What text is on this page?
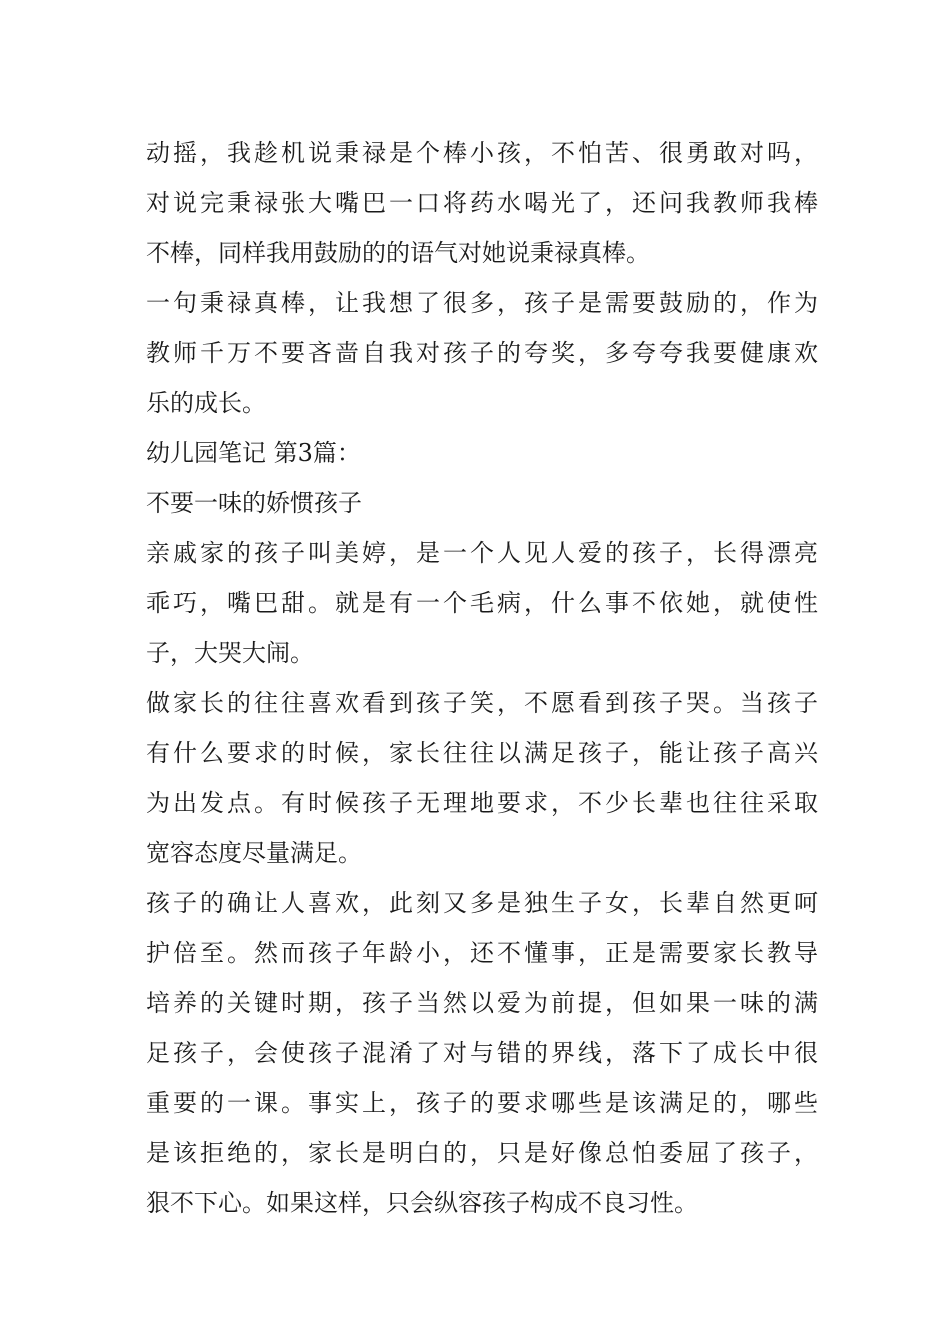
动摇，我趁机说秉禄是个棒小孩，不怕苦、很勇敢对吗，
对说完秉禄张大嘴巴一口将药水喝光了，还问我教师我棒
不棒，同样我用鼓励的的语气对她说秉禄真棒。
一句秉禄真棒，让我想了很多，孩子是需要鼓励的，作为
教师千万不要吝啬自我对孩子的夸奖，多夸夸我要健康欢
乐的成长。
幼儿园笔记 第3篇：
不要一味的娇惯孩子
亲戚家的孩子叫美婷，是一个人见人爱的孩子，长得漂亮
乖巧，嘴巴甜。就是有一个毛病，什么事不依她，就使性
子，大哭大闹。
做家长的往往喜欢看到孩子笑，不愿看到孩子哭。当孩子
有什么要求的时候，家长往往以满足孩子，能让孩子高兴
为出发点。有时候孩子无理地要求，不少长辈也往往采取
宽容态度尽量满足。
孩子的确让人喜欢，此刻又多是独生子女，长辈自然更呵
护倍至。然而孩子年龄小，还不懂事，正是需要家长教导
培养的关键时期，孩子当然以爱为前提，但如果一味的满
足孩子，会使孩子混淆了对与错的界线，落下了成长中很
重要的一课。事实上，孩子的要求哪些是该满足的，哪些
是该拒绝的，家长是明白的，只是好像总怕委屈了孩子，
狠不下心。如果这样，只会纵容孩子构成不良习性。
